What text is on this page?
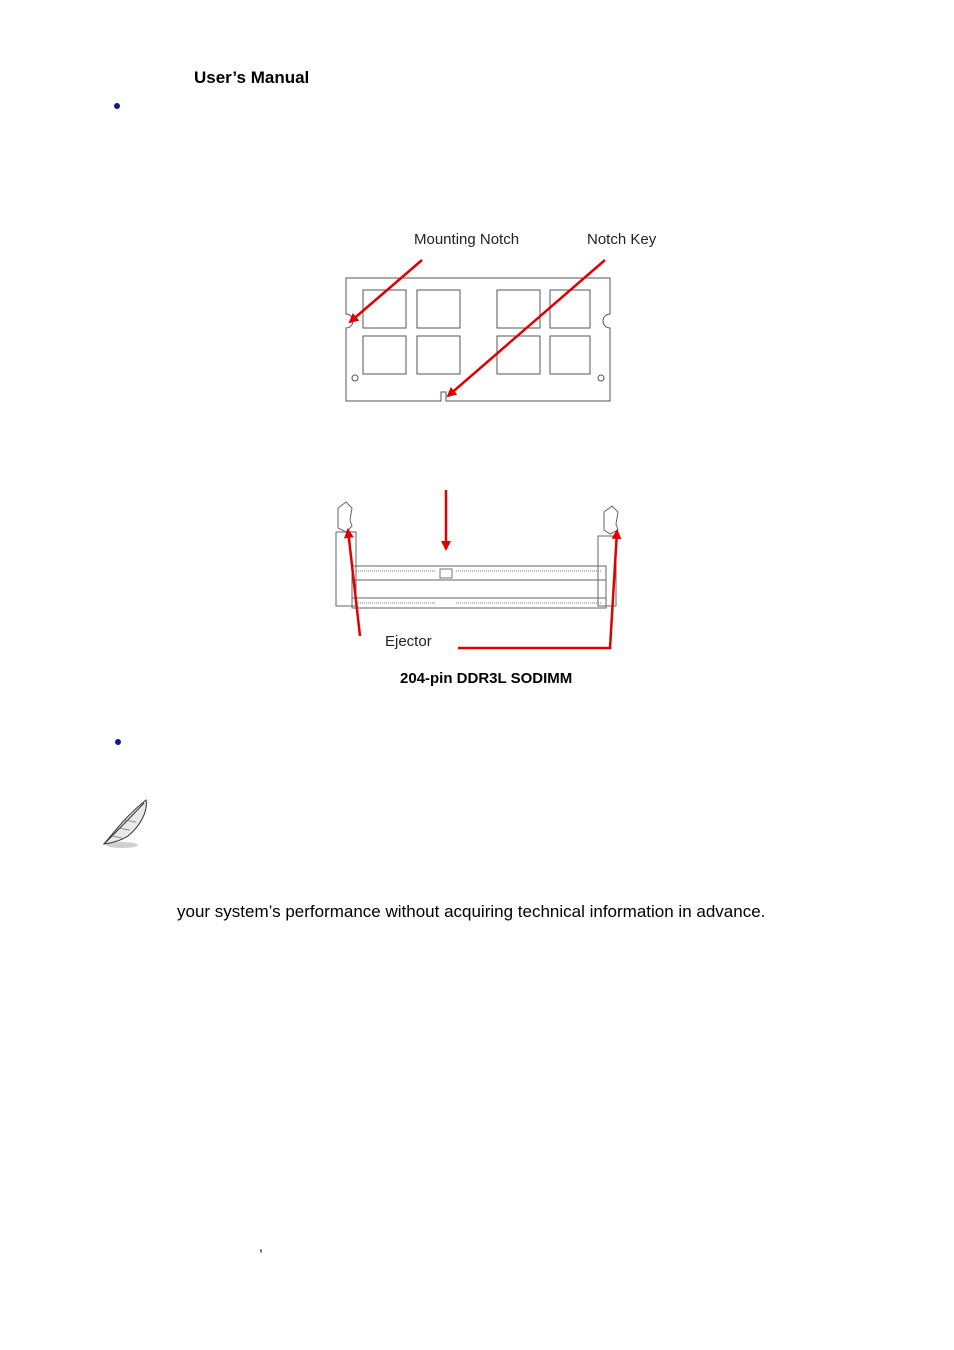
User’s Manual
Mounting Notch	Notch Key
Ejector
204-pin DDR3L SODIMM
your system’s performance without acquiring technical information in advance.
,
